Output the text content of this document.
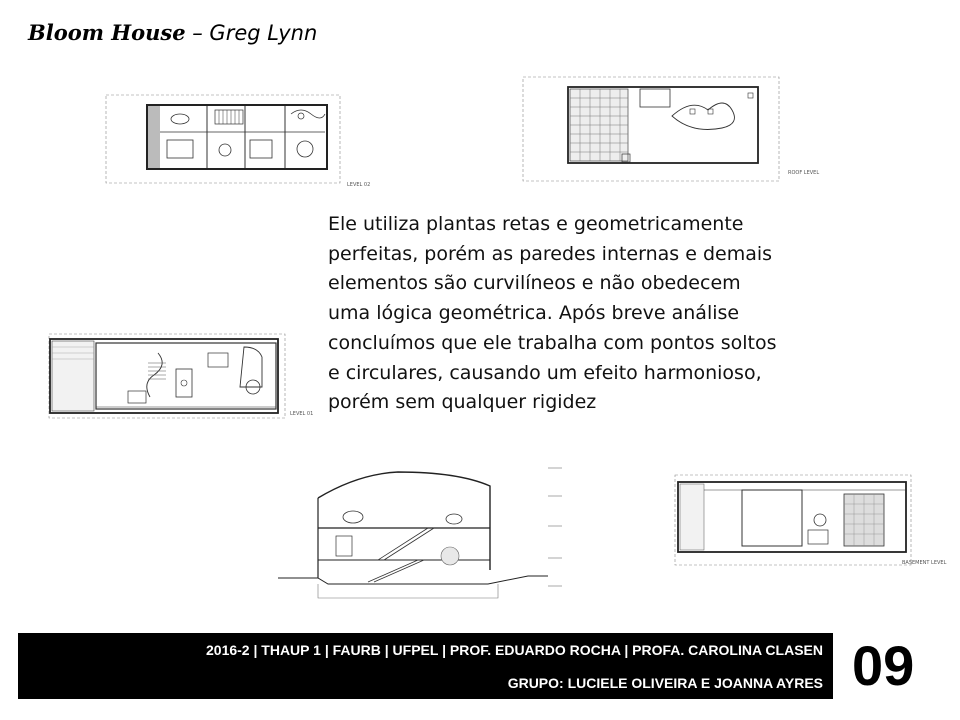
Bloom House – Greg Lynn
LEVEL 02
ROOF LEVEL
LEVEL 01

Ele utiliza plantas retas e geometricamente

perfeitas, porém as paredes internas e demais

elementos são curvilíneos e não obedecem

uma lógica geométrica. Após breve análise

concluímos que ele trabalha com pontos soltos

e circulares, causando um efeito harmonioso,

porém sem qualquer rigidez

BASEMENT LEVEL
2016-2 | THAUP 1 | FAURB | UFPEL | PROF. EDUARDO ROCHA | PROFA. CAROLINA CLASEN
GRUPO: LUCIELE OLIVEIRA E JOANNA AYRES 09
